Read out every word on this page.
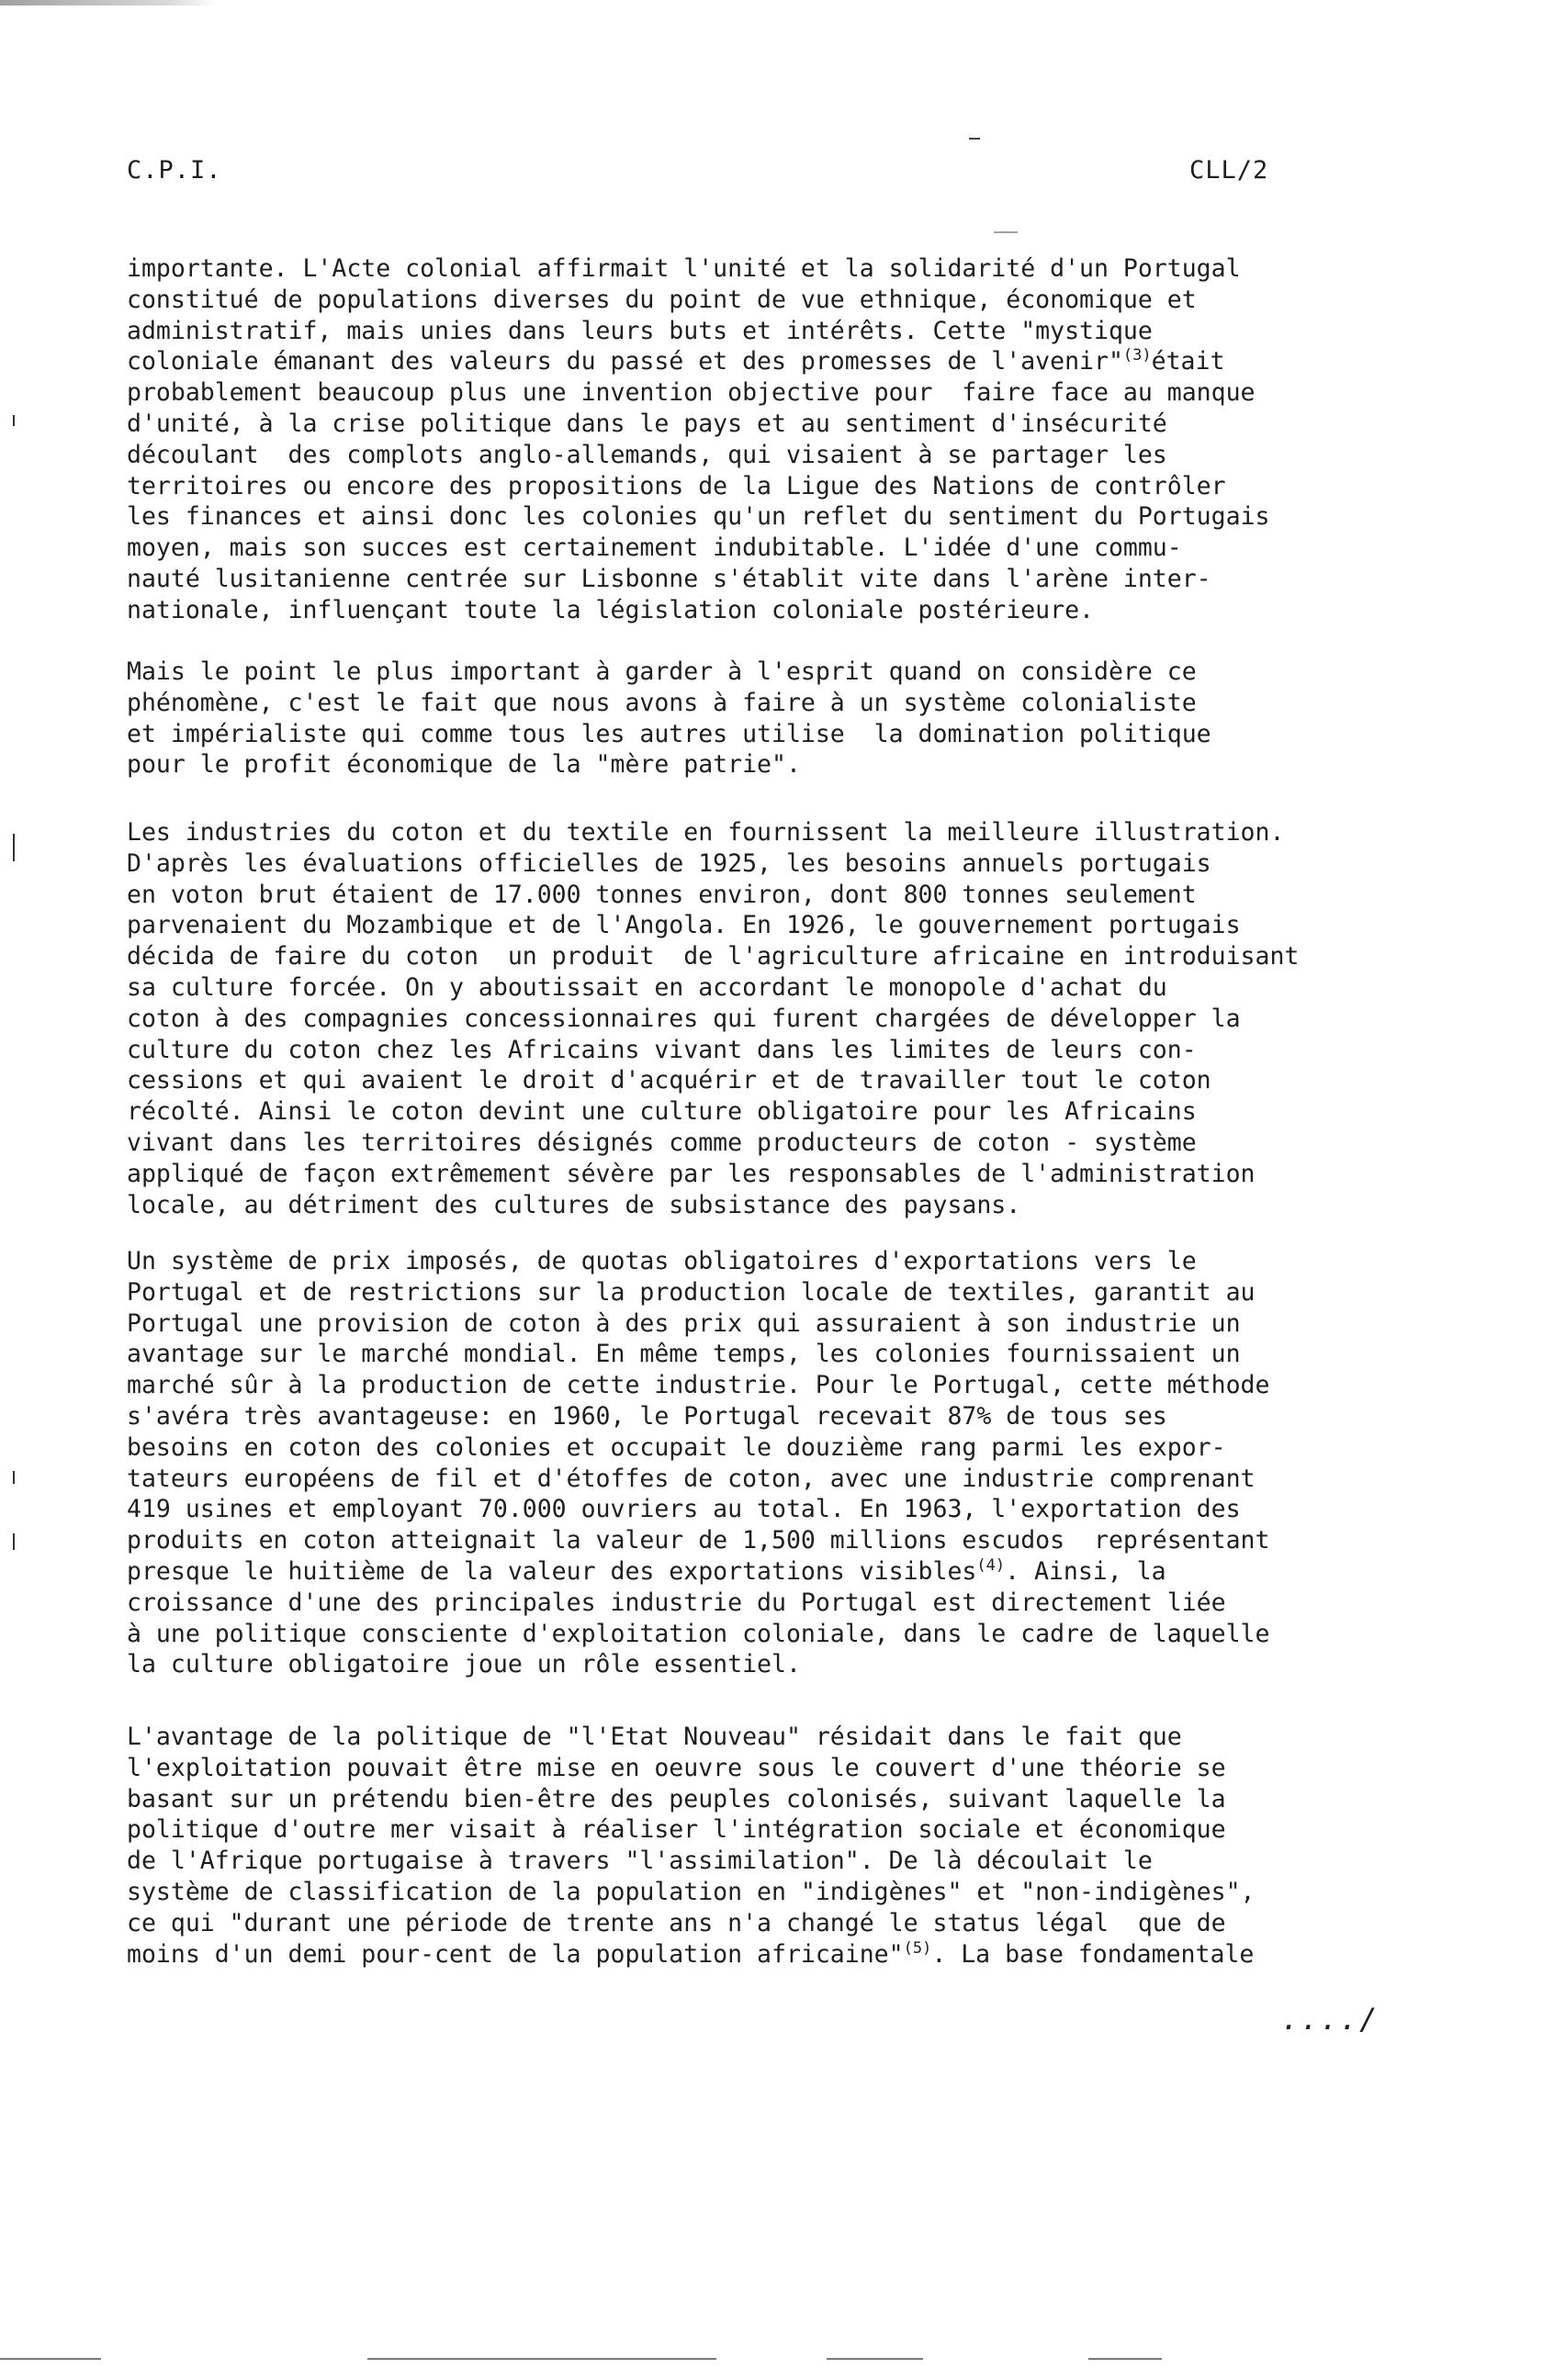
C.P.I.	CLL/2
importante. L'Acte colonial affirmait l'unité et la solidarité d'un Portugal
constitué de populations diverses du point de vue ethnique, économique et
administratif, mais unies dans leurs buts et intérêts. Cette "mystique
coloniale émanant des valeurs du passé et des promesses de l'avenir"$^{(3)}$était
probablement beaucoup plus une invention objective pour  faire face au manque
d'unité, à la crise politique dans le pays et au sentiment d'insécurité
découlant  des complots anglo-allemands, qui visaient à se partager les
territoires ou encore des propositions de la Ligue des Nations de contrôler
les finances et ainsi donc les colonies qu'un reflet du sentiment du Portugais
moyen, mais son succes est certainement indubitable. L'idée d'une commu-
nauté lusitanienne centrée sur Lisbonne s'établit vite dans l'arène inter-
nationale, influençant toute la législation coloniale postérieure.
Mais le point le plus important à garder à l'esprit quand on considère ce
phénomène, c'est le fait que nous avons à faire à un système colonialiste
et impérialiste qui comme tous les autres utilise  la domination politique
pour le profit économique de la "mère patrie".
Les industries du coton et du textile en fournissent la meilleure illustration.
D'après les évaluations officielles de 1925, les besoins annuels portugais
en voton brut étaient de 17.000 tonnes environ, dont 800 tonnes seulement
parvenaient du Mozambique et de l'Angola. En 1926, le gouvernement portugais
décida de faire du coton  un produit  de l'agriculture africaine en introduisant
sa culture forcée. On y aboutissait en accordant le monopole d'achat du
coton à des compagnies concessionnaires qui furent chargées de développer la
culture du coton chez les Africains vivant dans les limites de leurs con-
cessions et qui avaient le droit d'acquérir et de travailler tout le coton
récolté. Ainsi le coton devint une culture obligatoire pour les Africains
vivant dans les territoires désignés comme producteurs de coton - système
appliqué de façon extrêmement sévère par les responsables de l'administration
locale, au détriment des cultures de subsistance des paysans.
Un système de prix imposés, de quotas obligatoires d'exportations vers le
Portugal et de restrictions sur la production locale de textiles, garantit au
Portugal une provision de coton à des prix qui assuraient à son industrie un
avantage sur le marché mondial. En même temps, les colonies fournissaient un
marché sûr à la production de cette industrie. Pour le Portugal, cette méthode
s'avéra très avantageuse: en 1960, le Portugal recevait 87% de tous ses
besoins en coton des colonies et occupait le douzième rang parmi les expor-
tateurs européens de fil et d'étoffes de coton, avec une industrie comprenant
419 usines et employant 70.000 ouvriers au total. En 1963, l'exportation des
produits en coton atteignait la valeur de 1,500 millions escudos  représentant
presque le huitième de la valeur des exportations visibles$^{(4)}$. Ainsi, la
croissance d'une des principales industrie du Portugal est directement liée
à une politique consciente d'exploitation coloniale, dans le cadre de laquelle
la culture obligatoire joue un rôle essentiel.
L'avantage de la politique de "l'Etat Nouveau" résidait dans le fait que
l'exploitation pouvait être mise en oeuvre sous le couvert d'une théorie se
basant sur un prétendu bien-être des peuples colonisés, suivant laquelle la
politique d'outre mer visait à réaliser l'intégration sociale et économique
de l'Afrique portugaise à travers "l'assimilation". De là découlait le
système de classification de la population en "indigènes" et "non-indigènes",
ce qui "durant une période de trente ans n'a changé le status légal  que de
moins d'un demi pour-cent de la population africaine"$^{(5)}$. La base fondamentale
..../
